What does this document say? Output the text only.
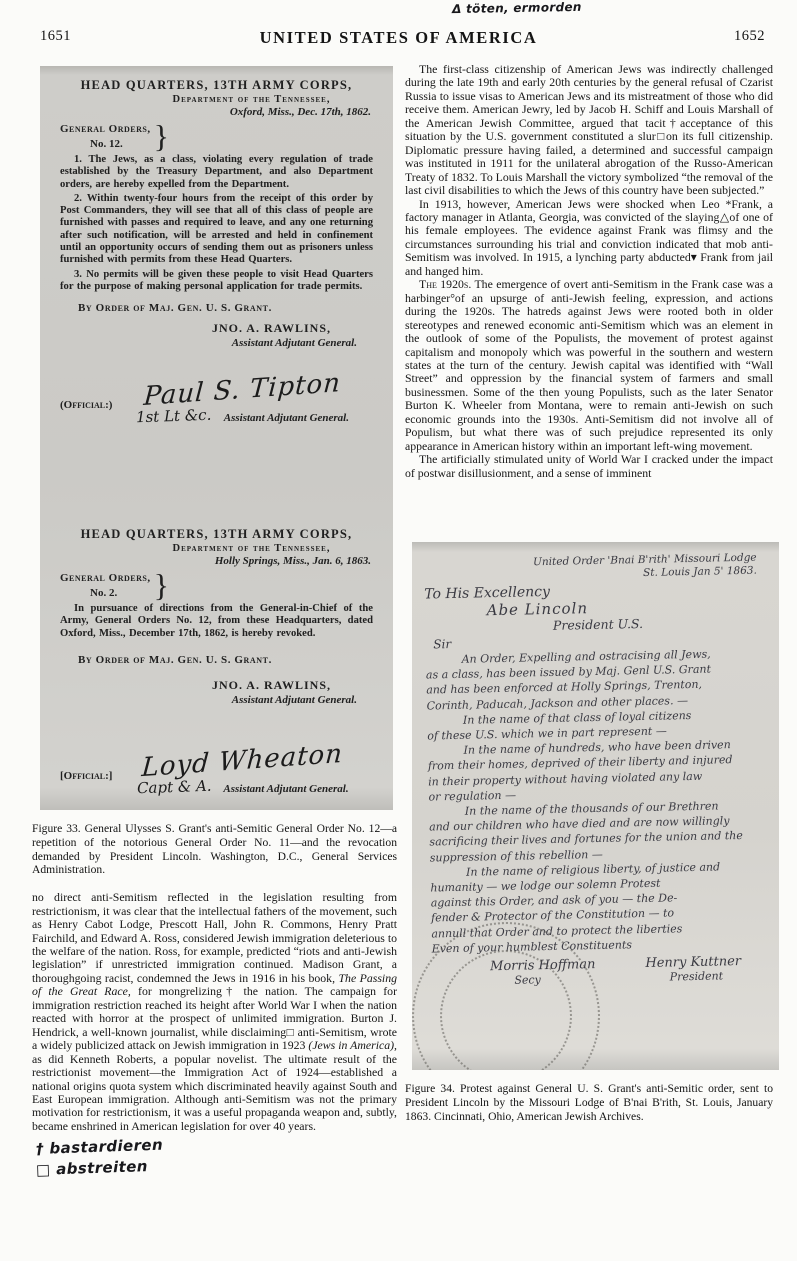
Δ töten, ermorden
1651	UNITED STATES OF AMERICA	1652
HEAD QUARTERS, 13TH ARMY CORPS,
Department of the Tennessee,
Oxford, Miss., Dec. 17th, 1862.
General Orders,
No. 12. }

1. The Jews, as a class, violating every regulation of trade established by the Treasury Department, and also Department orders, are hereby expelled from the Department.

2. Within twenty-four hours from the receipt of this order by Post Commanders, they will see that all of this class of people are furnished with passes and required to leave, and any one returning after such notification, will be arrested and held in confinement until an opportunity occurs of sending them out as prisoners unless furnished with permits from these Head Quarters.

3. No permits will be given these people to visit Head Quarters for the purpose of making personal application for trade permits.

By Order of Maj. Gen. U. S. Grant.
JNO. A. RAWLINS,
Assistant Adjutant General.
(Official:)	Paul S. Tipton
1st Lt &c. Assistant Adjutant General.
HEAD QUARTERS, 13TH ARMY CORPS,
Department of the Tennessee,
Holly Springs, Miss., Jan. 6, 1863.
General Orders,
No. 2.	}

In pursuance of directions from the General-in-Chief of the Army, General Orders No. 12, from these Headquarters, dated Oxford, Miss., December 17th, 1862, is hereby revoked.

By Order of Maj. Gen. U. S. Grant.
JNO. A. RAWLINS,
Assistant Adjutant General.
[Official:]	Loyd Wheaton
Capt & A. Assistant Adjutant General.

Figure 33. General Ulysses S. Grant's anti-Semitic General Order No. 12—a repetition of the notorious General Order No. 11—and the revocation demanded by President Lincoln. Washington, D.C., General Services Administration.

no direct anti-Semitism reflected in the legislation resulting from restrictionism, it was clear that the intellectual fathers of the movement, such as Henry Cabot Lodge, Prescott Hall, John R. Commons, Henry Pratt Fairchild, and Edward A. Ross, considered Jewish immigration deleterious to the welfare of the nation. Ross, for example, predicted “riots and anti-Jewish legislation” if unrestricted immigration continued. Madison Grant, a thoroughgoing racist, condemned the Jews in 1916 in his book, The Passing of the Great Race, for mongrelizing† the nation. The campaign for immigration restriction reached its height after World War I when the nation reacted with horror at the prospect of unlimited immigration. Burton J. Hendrick, a well-known journalist, while disclaiming□ anti-Semitism, wrote a widely publicized attack on Jewish immigration in 1923 (Jews in America), as did Kenneth Roberts, a popular novelist. The ultimate result of the restrictionist movement—the Immigration Act of 1924—established a national origins quota system which discriminated heavily against South and East European immigration. Although anti-Semitism was not the primary motivation for restrictionism, it was a useful propaganda weapon and, subtly, became enshrined in American legislation for over 40 years.

† bastardieren
□ abstreiten

The first-class citizenship of American Jews was indirectly challenged during the late 19th and early 20th centuries by the general refusal of Czarist Russia to issue visas to American Jews and its mistreatment of those who did receive them. American Jewry, led by Jacob H. Schiff and Louis Marshall of the American Jewish Committee, argued that tacit†acceptance of this situation by the U.S. government constituted a slur□on its full citizenship. Diplomatic pressure having failed, a determined and successful campaign was instituted in 1911 for the unilateral abrogation of the Russo-American Treaty of 1832. To Louis Marshall the victory symbolized “the removal of the last civil disabilities to which the Jews of this country have been subjected.”

In 1913, however, American Jews were shocked when Leo *Frank, a factory manager in Atlanta, Georgia, was convicted of the slaying△of one of his female employees. The evidence against Frank was flimsy and the circumstances surrounding his trial and conviction indicated that mob anti-Semitism was involved. In 1915, a lynching party abducted▾ Frank from jail and hanged him.

The 1920s. The emergence of overt anti-Semitism in the Frank case was a harbinger°of an upsurge of anti-Jewish feeling, expression, and actions during the 1920s. The hatreds against Jews were rooted both in older stereotypes and renewed economic anti-Semitism which was an element in the outlook of some of the Populists, the movement of protest against capitalism and monopoly which was powerful in the southern and western states at the turn of the century. Jewish capital was identified with “Wall Street” and oppression by the financial system of farmers and small businessmen. Some of the then young Populists, such as the later Senator Burton K. Wheeler from Montana, were to remain anti-Jewish on such economic grounds into the 1930s. Anti-Semitism did not involve all of Populism, but what there was of such prejudice represented its only appearance in American history within an important left-wing movement.

The artificially stimulated unity of World War I cracked under the impact of postwar disillusionment, and a sense of imminent

United Order 'Bnai B'rith' Missouri Lodge
St. Louis Jan 5' 1863.
To His Excellency
Abe Lincoln
President U.S.
Sir
An Order, Expelling and ostracising all Jews,
as a class, has been issued by Maj. Genl U.S. Grant
and has been enforced at Holly Springs, Trenton,
Corinth, Paducah, Jackson and other places. —
In the name of that class of loyal citizens
of these U.S. which we in part represent —
In the name of hundreds, who have been driven
from their homes, deprived of their liberty and injured
in their property without having violated any law
or regulation —
In the name of the thousands of our Brethren
and our children who have died and are now willingly
sacrificing their lives and fortunes for the union and the
suppression of this rebellion —
In the name of religious liberty, of justice and
humanity — we lodge our solemn Protest
against this Order, and ask of you — the De-
fender & Protector of the Constitution — to
annull that Order and to protect the liberties
Even of your humblest Constituents
Morris Hoffman
Secy
Henry Kuttner
President

Figure 34. Protest against General U. S. Grant's anti-Semitic order, sent to President Lincoln by the Missouri Lodge of B'nai B'rith, St. Louis, January 1863. Cincinnati, Ohio, American Jewish Archives.
